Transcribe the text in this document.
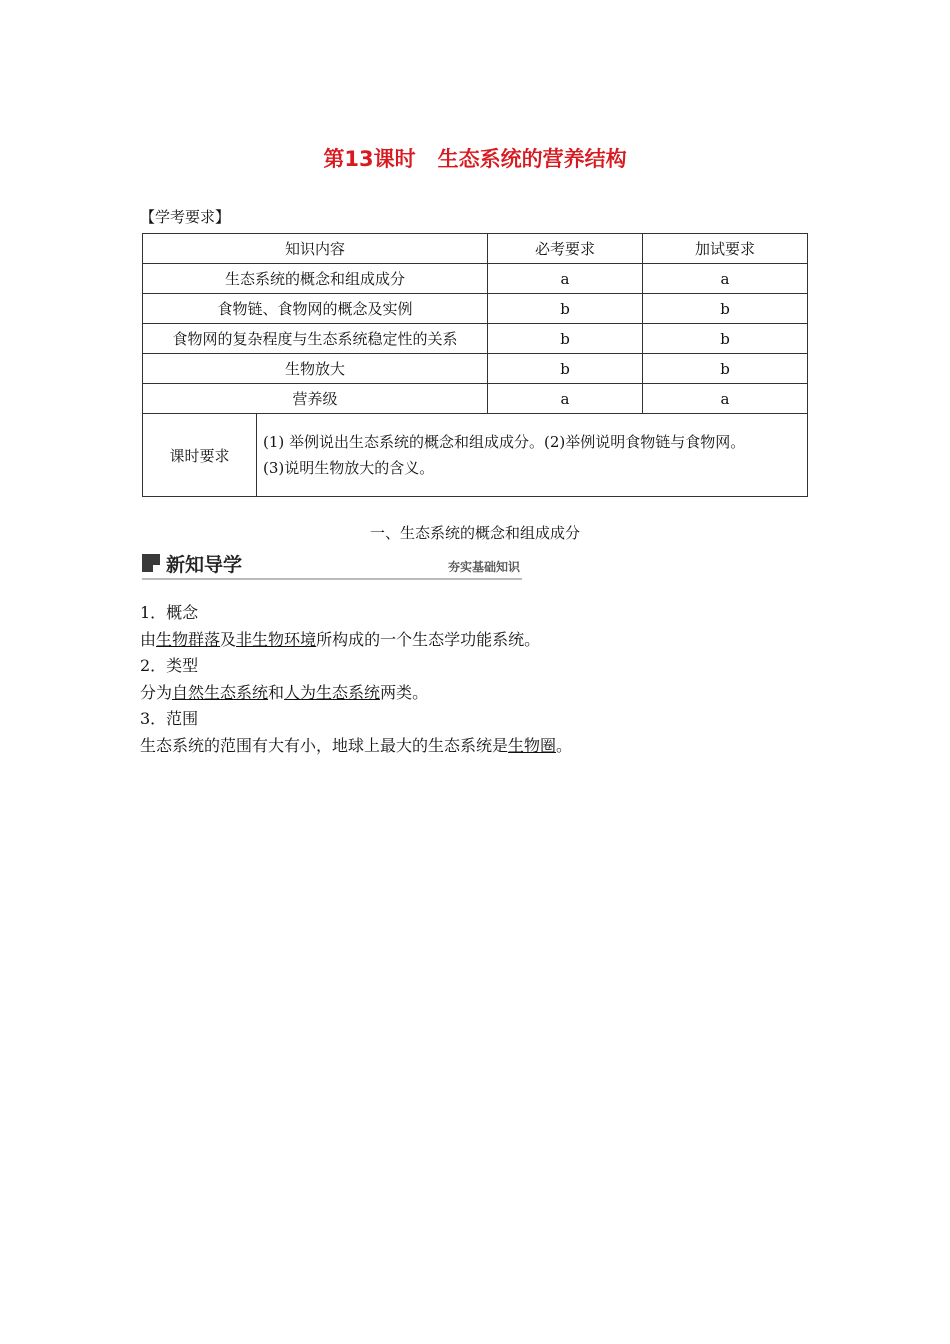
第13课时 生态系统的营养结构
【学考要求】
知识内容		必考要求	加试要求
生态系统的概念和组成成分		a	a
食物链、食物网的概念及实例		b	b
食物网的复杂程度与生态系统稳定性的关系		b	b
生物放大		b	b
营养级		a	a
课时要求	(1) 举例说出生态系统的概念和组成成分。(2)举例说明食物链与食物网。
(3)说明生物放大的含义。		
一、生态系统的概念和组成成分
新知导学	夯实基础知识

1．概念

由生物群落及非生物环境所构成的一个生态学功能系统。

2．类型

分为自然生态系统和人为生态系统两类。

3．范围

生态系统的范围有大有小，地球上最大的生态系统是生物圈。
